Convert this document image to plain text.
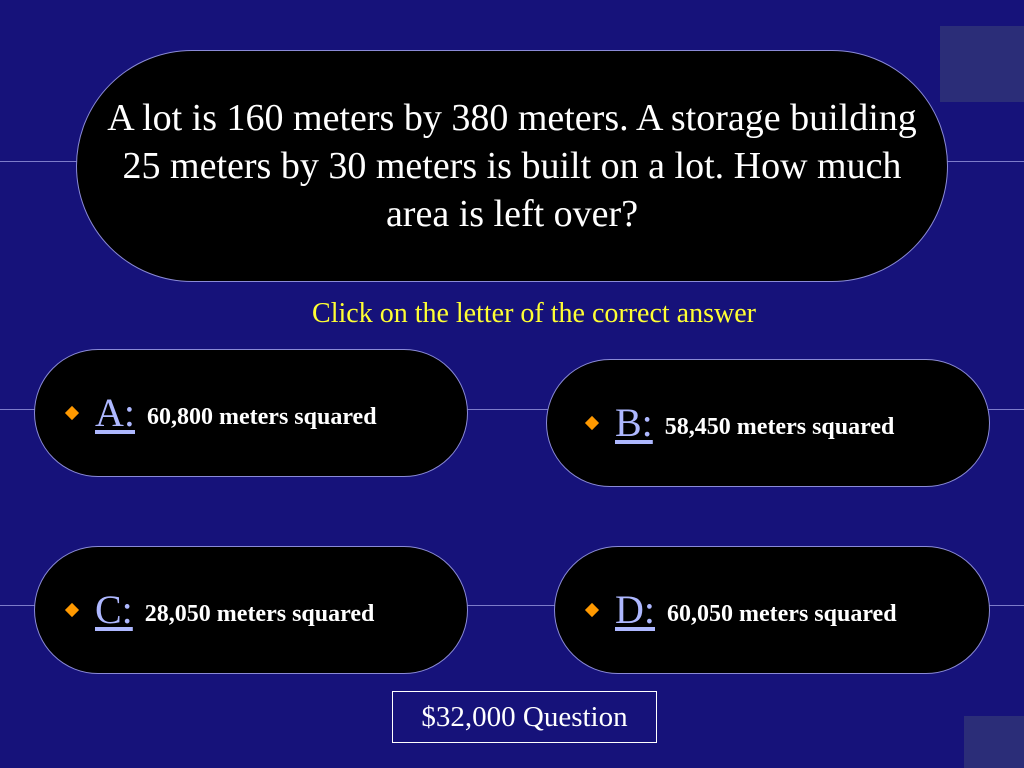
A lot is 160 meters by 380 meters. A storage building 25 meters by 30 meters is built on a lot. How much area is left over?
Click on the letter of the correct answer
A: 60,800 meters squared	B: 58,450 meters squared
C: 28,050 meters squared	D: 60,050 meters squared
$32,000 Question
